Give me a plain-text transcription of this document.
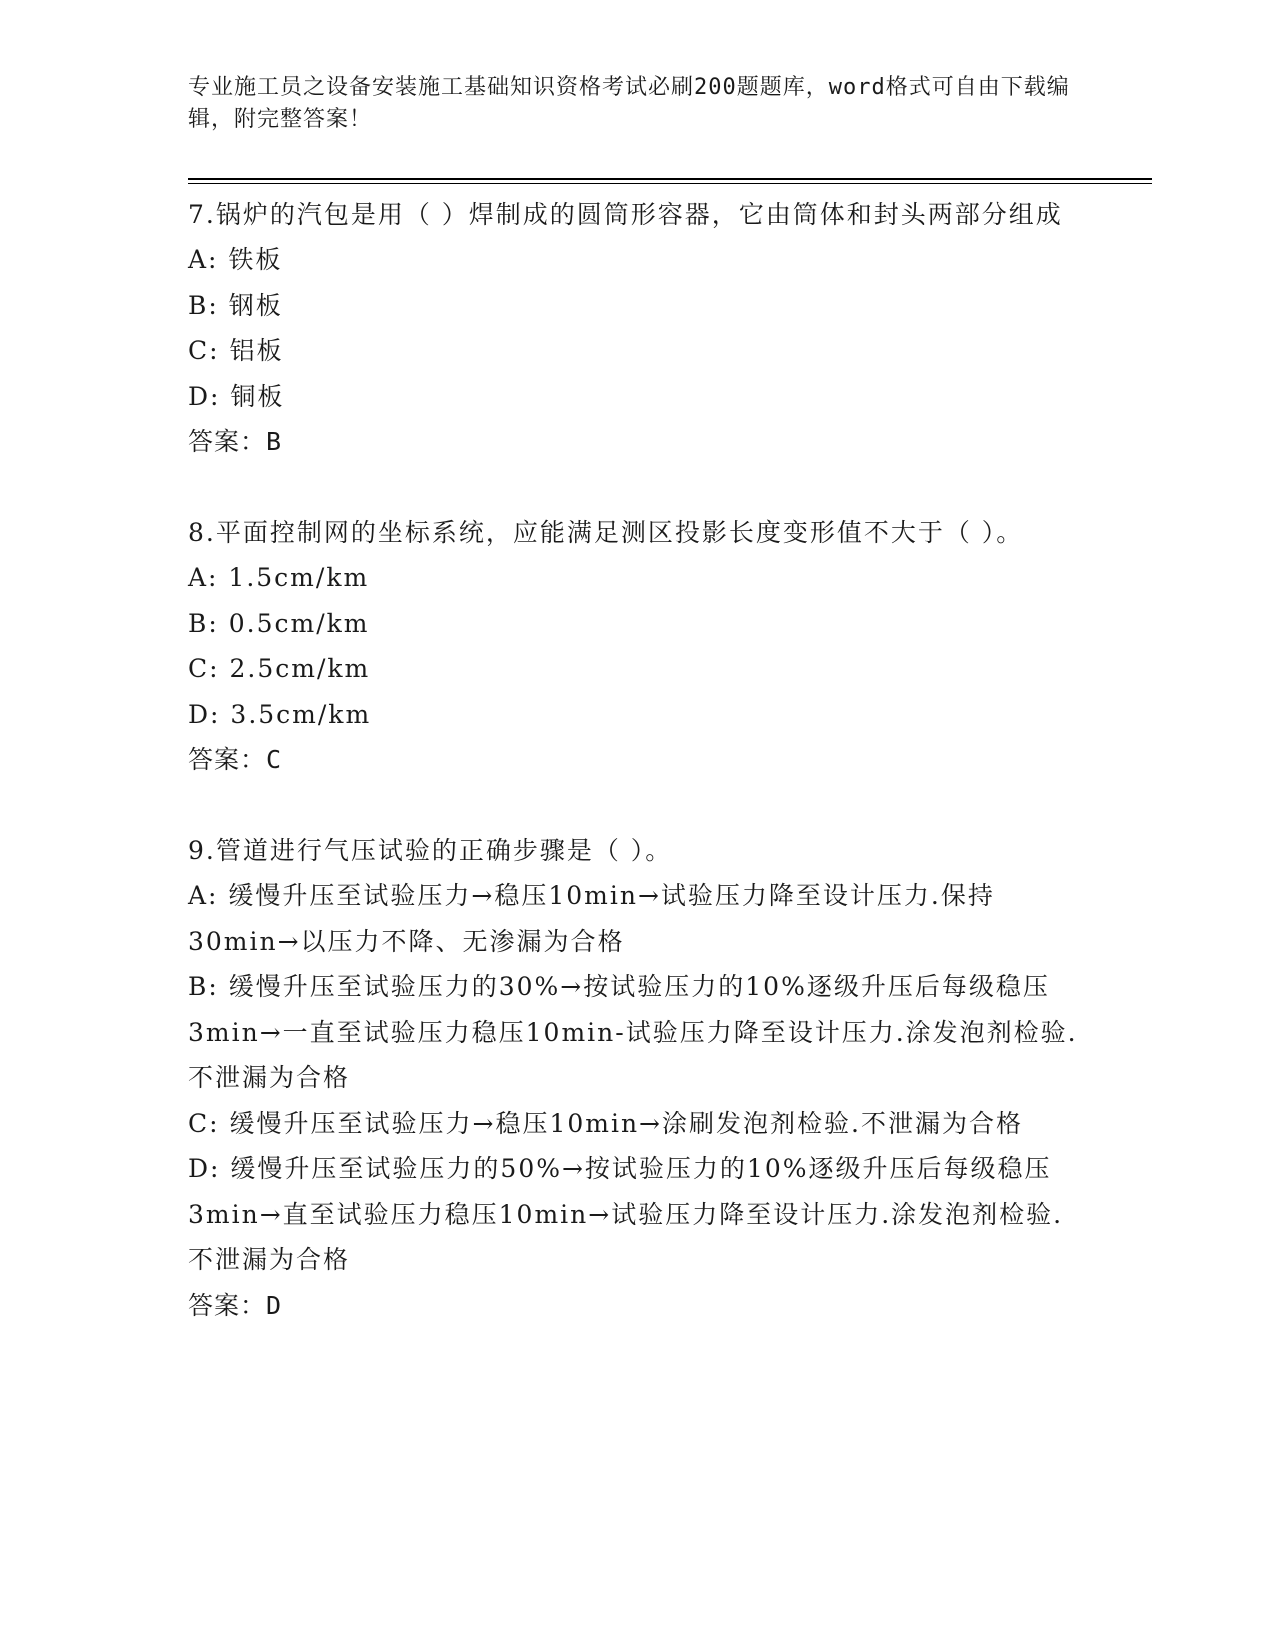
专业施工员之设备安装施工基础知识资格考试必刷200题题库，word格式可自由下载编辑，附完整答案！

7.锅炉的汽包是用（ ）焊制成的圆筒形容器，它由筒体和封头两部分组成

A: 铁板

B: 钢板

C: 铝板

D: 铜板

答案：B

8.平面控制网的坐标系统，应能满足测区投影长度变形值不大于（ ）。

A: 1.5cm/km

B: 0.5cm/km

C: 2.5cm/km

D: 3.5cm/km

答案：C

9.管道进行气压试验的正确步骤是（ ）。

A: 缓慢升压至试验压力→稳压10min→试验压力降至设计压力.保持30min→以压力不降、无渗漏为合格

B: 缓慢升压至试验压力的30%→按试验压力的10%逐级升压后每级稳压3min→一直至试验压力稳压10min-试验压力降至设计压力.涂发泡剂检验.不泄漏为合格

C: 缓慢升压至试验压力→稳压10min→涂刷发泡剂检验.不泄漏为合格

D: 缓慢升压至试验压力的50%→按试验压力的10%逐级升压后每级稳压3min→直至试验压力稳压10min→试验压力降至设计压力.涂发泡剂检验.不泄漏为合格

答案：D
